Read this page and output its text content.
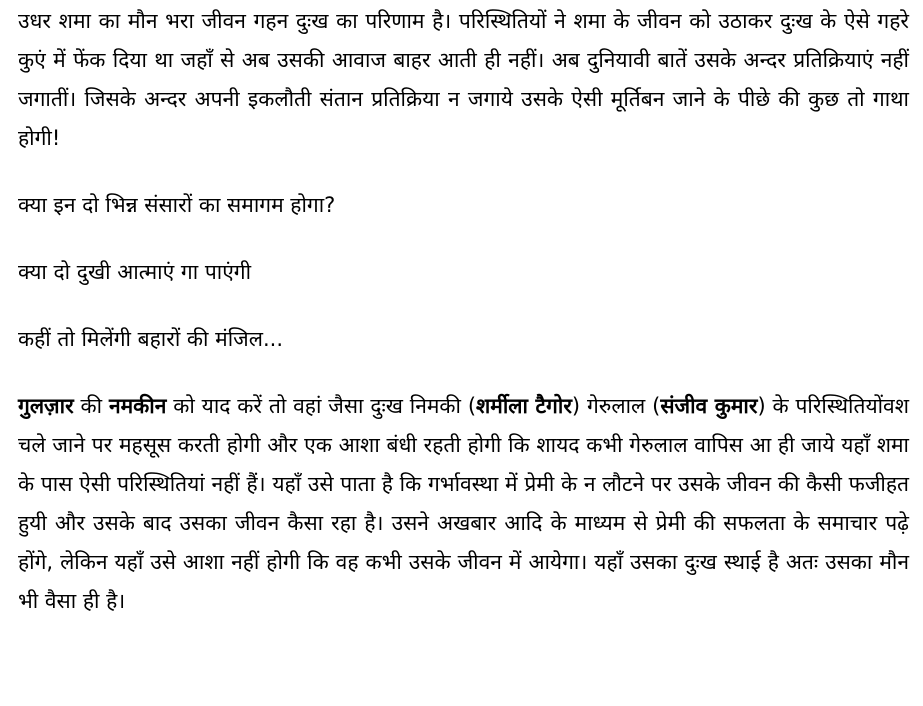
उधर शमा का मौन भरा जीवन गहन दुःख का परिणाम है। परिस्थितियों ने शमा के जीवन को उठाकर दुःख के ऐसे गहरे कुएं में फेंक दिया था जहाँ से अब उसकी आवाज बाहर आती ही नहीं। अब दुनियावी बातें उसके अन्दर प्रतिक्रियाएं नहीं जगातीं। जिसके अन्दर अपनी इकलौती संतान प्रतिक्रिया न जगाये उसके ऐसी मूर्तिबन जाने के पीछे की कुछ तो गाथा होगी!

क्या इन दो भिन्न संसारों का समागम होगा?

क्या दो दुखी आत्माएं गा पाएंगी

कहीं तो मिलेंगी बहारों की मंजिल...

गुलज़ार की नमकीन को याद करें तो वहां जैसा दुःख निमकी (शर्मीला टैगोर) गेरुलाल (संजीव कुमार) के परिस्थितियोंवश चले जाने पर महसूस करती होगी और एक आशा बंधी रहती होगी कि शायद कभी गेरुलाल वापिस आ ही जाये यहाँ शमा के पास ऐसी परिस्थितियां नहीं हैं। यहाँ उसे पाता है कि गर्भावस्था में प्रेमी के न लौटने पर उसके जीवन की कैसी फजीहत हुयी और उसके बाद उसका जीवन कैसा रहा है। उसने अखबार आदि के माध्यम से प्रेमी की सफलता के समाचार पढ़े होंगे, लेकिन यहाँ उसे आशा नहीं होगी कि वह कभी उसके जीवन में आयेगा। यहाँ उसका दुःख स्थाई है अतः उसका मौन भी वैसा ही है।
